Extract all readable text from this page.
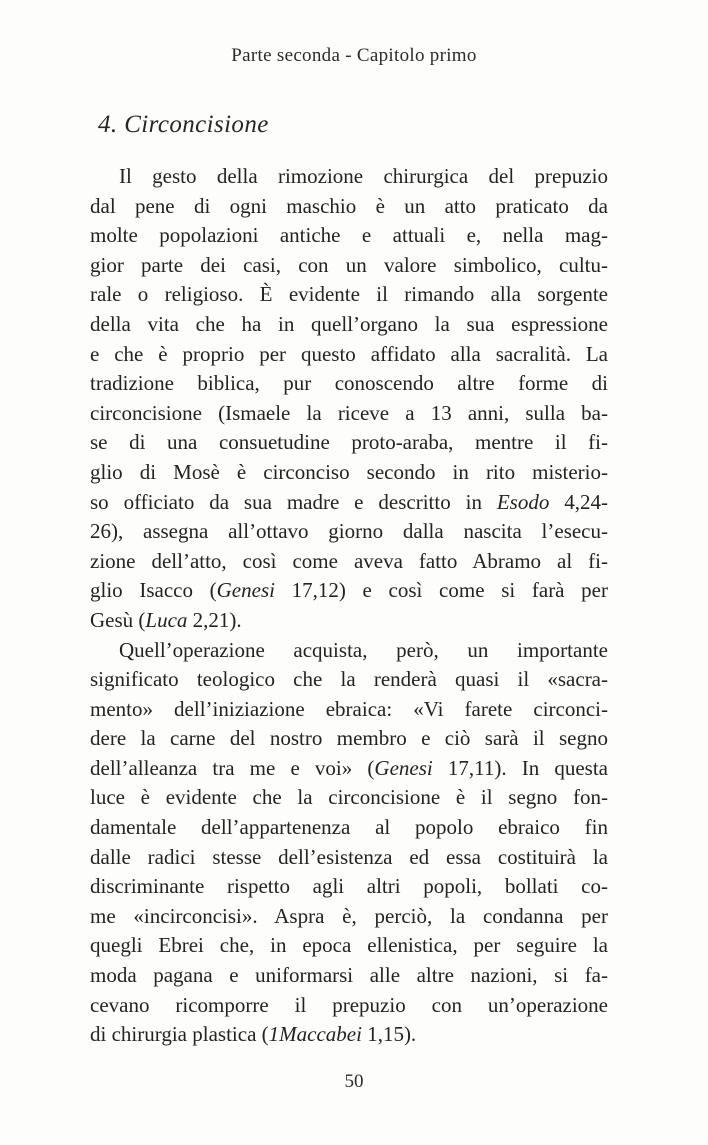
Parte seconda - Capitolo primo
4. Circoncisione
Il gesto della rimozione chirurgica del prepuzio
dal pene di ogni maschio è un atto praticato da
molte popolazioni antiche e attuali e, nella mag-
gior parte dei casi, con un valore simbolico, cultu-
rale o religioso. È evidente il rimando alla sorgente
della vita che ha in quell’organo la sua espressione
e che è proprio per questo affidato alla sacralità. La
tradizione biblica, pur conoscendo altre forme di
circoncisione (Ismaele la riceve a 13 anni, sulla ba-
se di una consuetudine proto-araba, mentre il fi-
glio di Mosè è circonciso secondo in rito misterio-
so officiato da sua madre e descritto in Esodo 4,24-
26), assegna all’ottavo giorno dalla nascita l’esecu-
zione dell’atto, così come aveva fatto Abramo al fi-
glio Isacco (Genesi 17,12) e così come si farà per
Gesù (Luca 2,21).
Quell’operazione acquista, però, un importante
significato teologico che la renderà quasi il «sacra-
mento» dell’iniziazione ebraica: «Vi farete circonci-
dere la carne del nostro membro e ciò sarà il segno
dell’alleanza tra me e voi» (Genesi 17,11). In questa
luce è evidente che la circoncisione è il segno fon-
damentale dell’appartenenza al popolo ebraico fin
dalle radici stesse dell’esistenza ed essa costituirà la
discriminante rispetto agli altri popoli, bollati co-
me «incirconcisi». Aspra è, perciò, la condanna per
quegli Ebrei che, in epoca ellenistica, per seguire la
moda pagana e uniformarsi alle altre nazioni, si fa-
cevano ricomporre il prepuzio con un’operazione
di chirurgia plastica (1Maccabei 1,15).
50
